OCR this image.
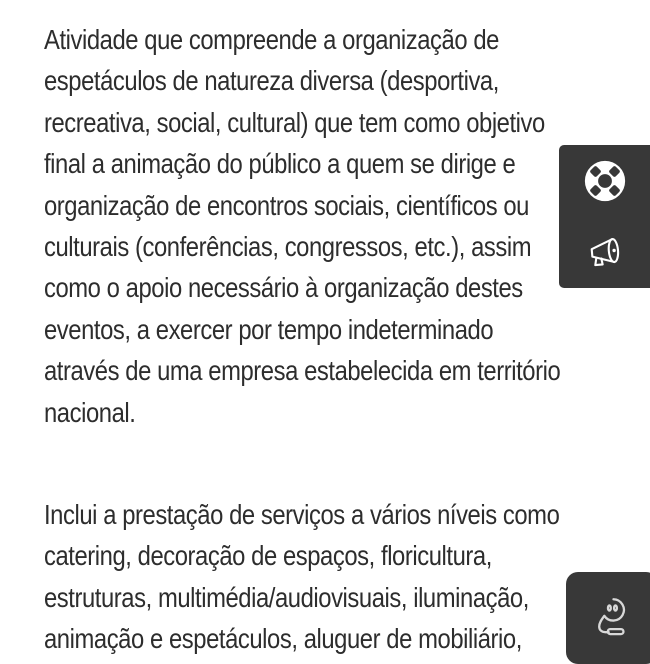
Atividade que compreende a organização de
espetáculos de natureza diversa (desportiva,
recreativa, social, cultural) que tem como objetivo
final a animação do público a quem se dirige e
organização de encontros sociais, científicos ou
culturais (conferências, congressos, etc.), assim
como o apoio necessário à organização destes
eventos, a exercer por tempo indeterminado
através de uma empresa estabelecida em território
nacional.
Inclui a prestação de serviços a vários níveis como
catering, decoração de espaços, floricultura,
estruturas, multimédia/audiovisuais, iluminação,
animação e espetáculos, aluguer de mobiliário,
